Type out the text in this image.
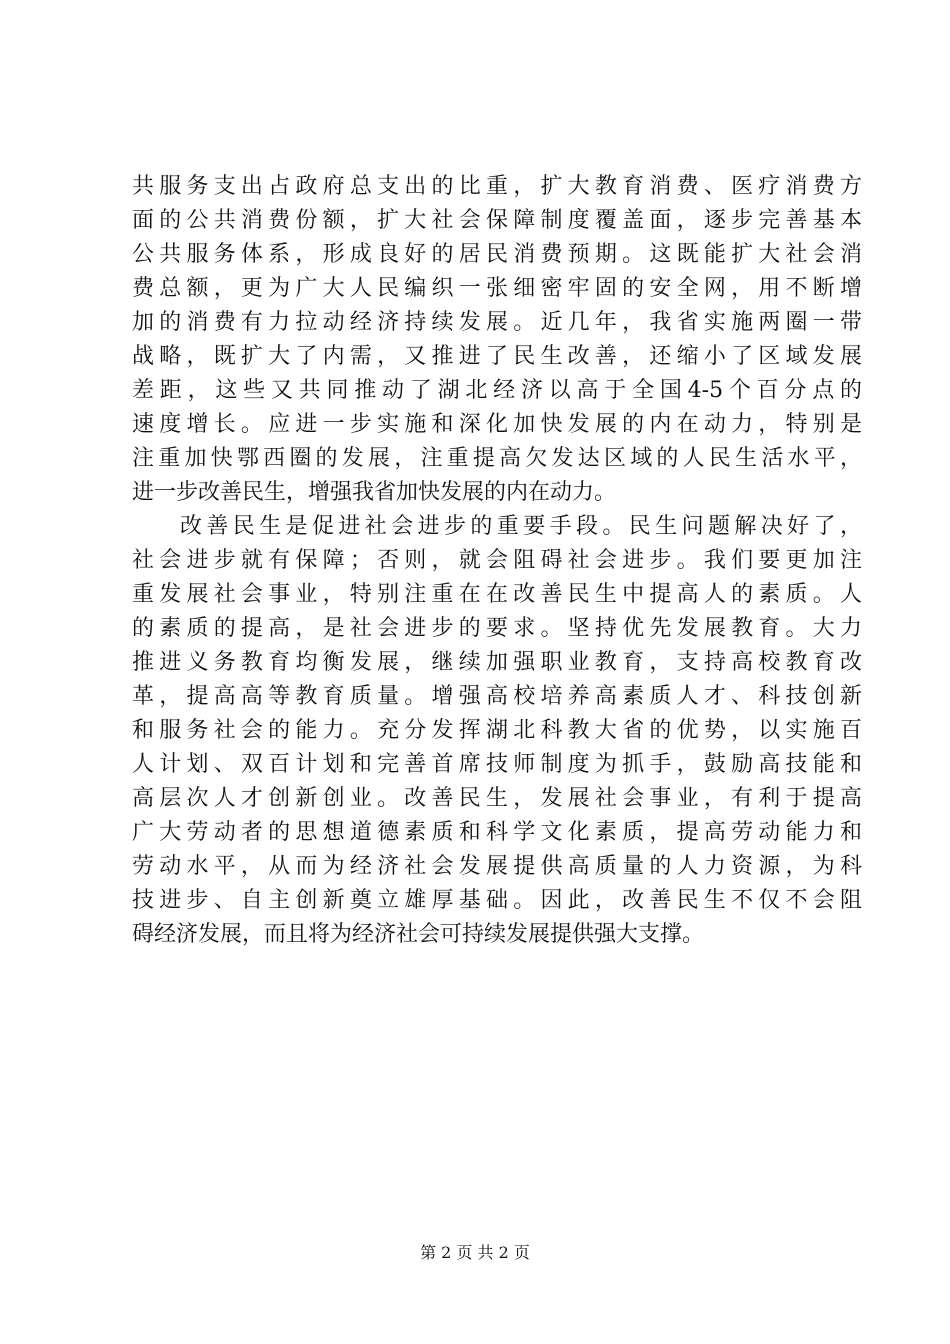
共服务支出占政府总支出的比重，扩大教育消费、医疗消费方
面的公共消费份额，扩大社会保障制度覆盖面，逐步完善基本
公共服务体系，形成良好的居民消费预期。这既能扩大社会消
费总额，更为广大人民编织一张细密牢固的安全网，用不断增
加的消费有力拉动经济持续发展。近几年，我省实施两圈一带
战略，既扩大了内需，又推进了民生改善，还缩小了区域发展
差距，这些又共同推动了湖北经济以高于全国4-5个百分点的
速度增长。应进一步实施和深化加快发展的内在动力，特别是
注重加快鄂西圈的发展，注重提高欠发达区域的人民生活水平，
进一步改善民生，增强我省加快发展的内在动力。
改善民生是促进社会进步的重要手段。民生问题解决好了，
社会进步就有保障；否则，就会阻碍社会进步。我们要更加注
重发展社会事业，特别注重在在改善民生中提高人的素质。人
的素质的提高，是社会进步的要求。坚持优先发展教育。大力
推进义务教育均衡发展，继续加强职业教育，支持高校教育改
革，提高高等教育质量。增强高校培养高素质人才、科技创新
和服务社会的能力。充分发挥湖北科教大省的优势，以实施百
人计划、双百计划和完善首席技师制度为抓手，鼓励高技能和
高层次人才创新创业。改善民生，发展社会事业，有利于提高
广大劳动者的思想道德素质和科学文化素质，提高劳动能力和
劳动水平，从而为经济社会发展提供高质量的人力资源，为科
技进步、自主创新奠立雄厚基础。因此，改善民生不仅不会阻
碍经济发展，而且将为经济社会可持续发展提供强大支撑。
第 2 页 共 2 页
